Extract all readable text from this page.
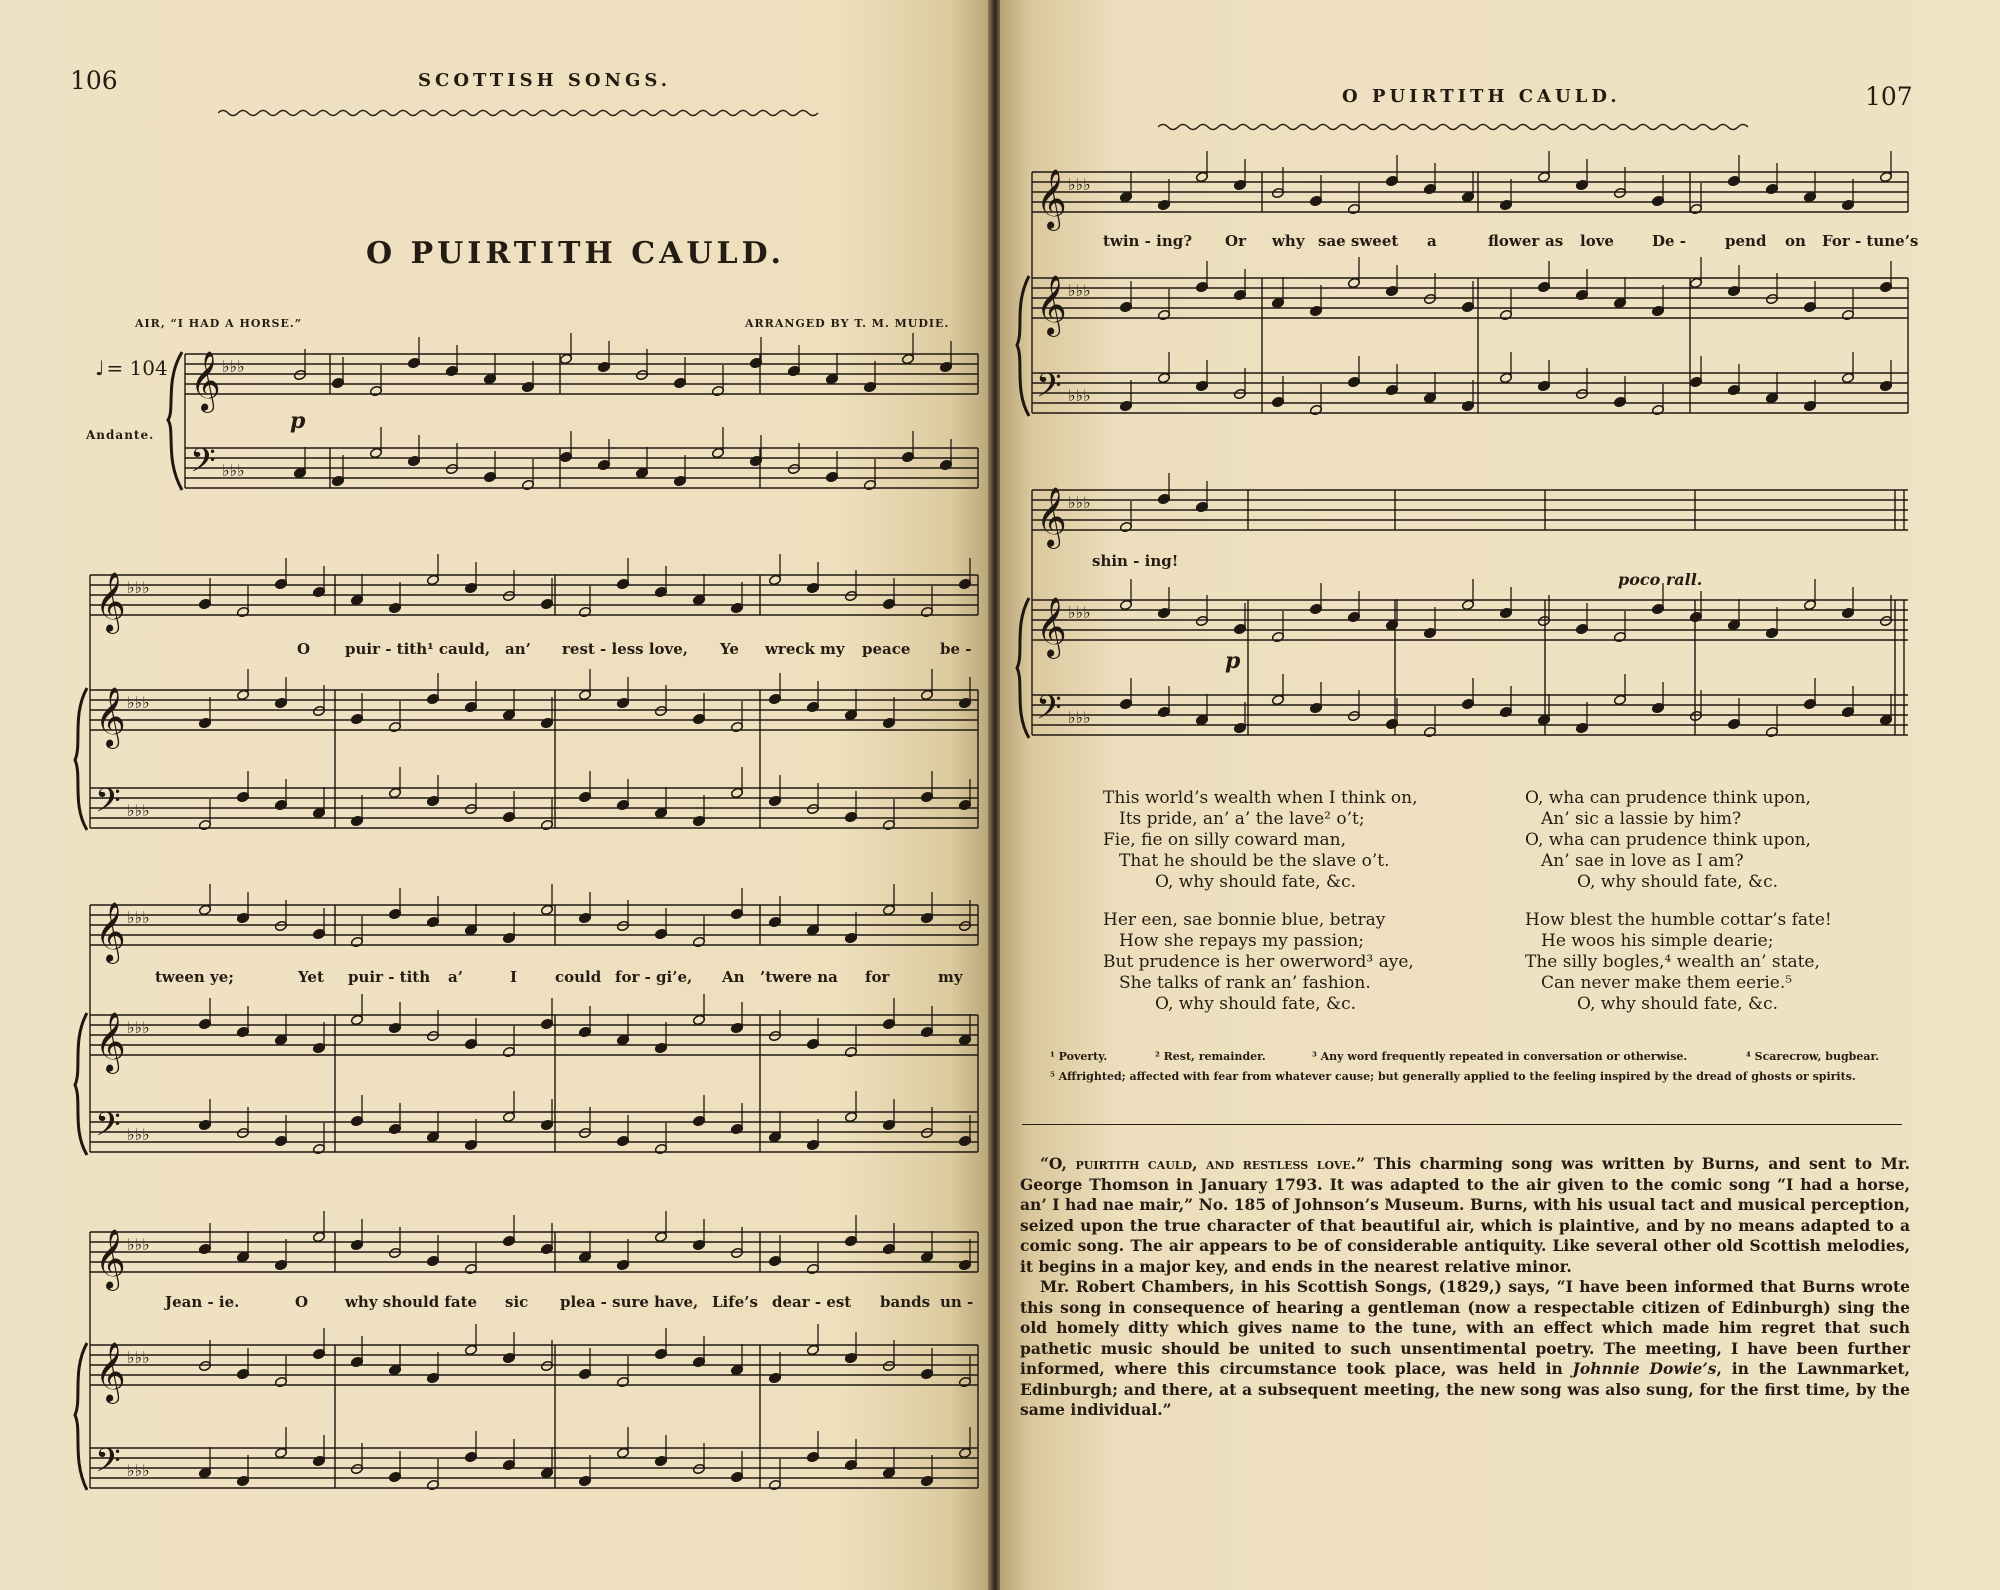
106	SCOTTISH SONGS.
O PUIRTITH CAULD.
AIR, “I HAD A HORSE.”	ARRANGED BY T. M. MUDIE.
♩ = 104
Andante.
p
𝄞 ♭♭♭
𝄢 ♭♭♭
𝄞 ♭♭♭
𝄞 ♭♭♭
𝄢 ♭♭♭
𝄞 ♭♭♭
𝄞 ♭♭♭
𝄢 ♭♭♭
𝄞 ♭♭♭
𝄞 ♭♭♭
𝄢 ♭♭♭
O puir - tith¹ cauld, an’ rest - less love, Ye wreck my peace be -
tween ye;	Yet puir - tith a’	I	could for - gi’e, An ’twere na for	my
Jean - ie.	O why should fate sic plea - sure have, Life’s dear - est bands un -
O PUIRTITH CAULD.	107
𝄞 ♭♭♭
𝄞 ♭♭♭
𝄢 ♭♭♭
𝄞 ♭♭♭
𝄞 ♭♭♭
𝄢 ♭♭♭
twin - ing? Or why sae sweet a	flower as love	De -	pend on For - tune’s
shin - ing!
poco rall.
p
This world’s wealth when I think on,
Its pride, an’ a’ the lave² o’t;
Fie, fie on silly coward man,
That he should be the slave o’t.
O, why should fate, &c.
Her een, sae bonnie blue, betray
How she repays my passion;
But prudence is her owerword³ aye,
She talks of rank an’ fashion.
O, why should fate, &c.
O, wha can prudence think upon,
An’ sic a lassie by him?
O, wha can prudence think upon,
An’ sae in love as I am?
O, why should fate, &c.
How blest the humble cottar’s fate!
He woos his simple dearie;
The silly bogles,⁴ wealth an’ state,
Can never make them eerie.⁵
O, why should fate, &c.
¹ Poverty.	² Rest, remainder.	³ Any word frequently repeated in conversation or otherwise.	⁴ Scarecrow, bugbear.
⁵ Affrighted; affected with fear from whatever cause; but generally applied to the feeling inspired by the dread of ghosts or spirits.

“O, puirtith cauld, and restless love.” This charming song was written by Burns, and sent to Mr. George Thomson in January 1793. It was adapted to the air given to the comic song “I had a horse, an’ I had nae mair,” No. 185 of Johnson’s Museum. Burns, with his usual tact and musical perception, seized upon the true character of that beautiful air, which is plaintive, and by no means adapted to a comic song. The air appears to be of considerable antiquity. Like several other old Scottish melodies, it begins in a major key, and ends in the nearest relative minor.

Mr. Robert Chambers, in his Scottish Songs, (1829,) says, “I have been informed that Burns wrote this song in consequence of hearing a gentleman (now a respectable citizen of Edinburgh) sing the old homely ditty which gives name to the tune, with an effect which made him regret that such pathetic music should be united to such unsentimental poetry. The meeting, I have been further informed, where this circumstance took place, was held in Johnnie Dowie’s, in the Lawnmarket, Edinburgh; and there, at a subsequent meeting, the new song was also sung, for the first time, by the same individual.”
